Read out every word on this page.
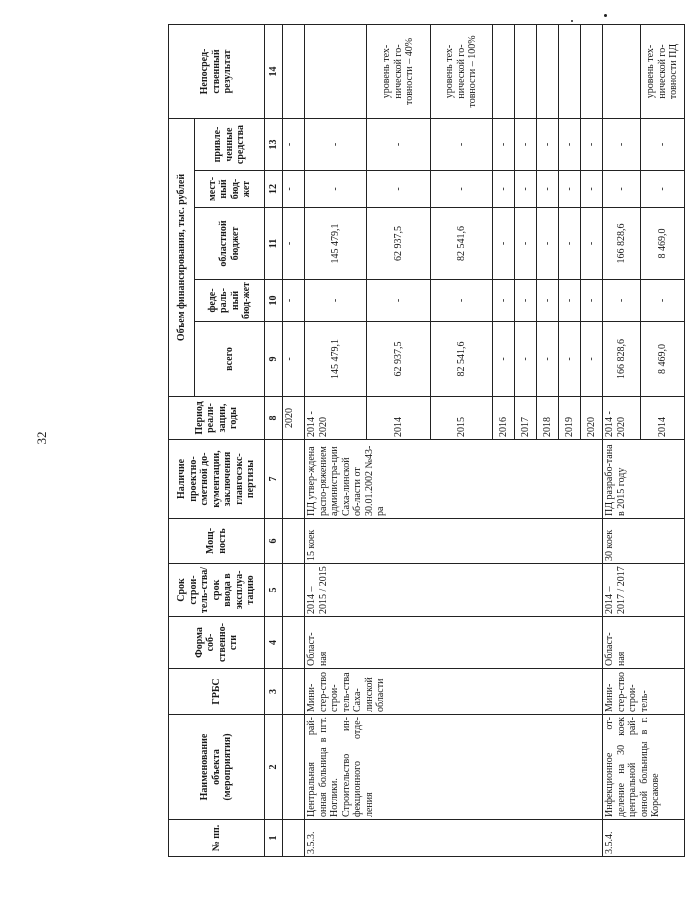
32
№ пп.	Наименование объекта (мероприятия)	ГРБС	Форма соб-ственно-сти	Срок строи-тель-ства/срок ввода в эксплуа-тацию	Мощ-ность	Наличие проектно-сметной до-кументации, заключения главгосэкс-пертизы	Период реали-зации, годы	Объем финансирования, тыс. рублей					Непосред-ственный результат
								всего	феде-раль-ный бюд-жет	областной бюджет	мест-ный бюд-жет	привле-ченные средства	
1	2	3	4	5	6	7	8	9	10	11	12	13	14
							2020	-	-	-	-	-	
3.5.3.	Центральная рай-онная больница в пгт. Ноглики. Строительство ин-фекционного отде-ления	Мини-стер-ство строи-тель-ства Саха-линской области	Област-ная	2014 – 2015 / 2015	15 коек	ПД утвер-ждена распо-ряжением администра-ции Саха-линской об-ласти от 30.01.2002 №43-ра	2014 - 2020	145 479,1	-	145 479,1	-	-	
							2014	62 937,5	-	62 937,5	-	-	уровень тех-нической го-товности – 40%
							2015	82 541,6	-	82 541,6	-	-	уровень тех-нической го-товности – 100%
							2016	-	-	-	-	-	
							2017	-	-	-	-	-	
							2018	-	-	-	-	-	
							2019	-	-	-	-	-	
							2020	-	-	-	-	-	
3.5.4.	Инфекционное от-деление на 30 коек центральной рай-онной больницы в г. Корсакове	Мини-стер-ство строи-тель-	Област-ная	2014 – 2017 / 2017	30 коек	ПД разрабо-тана в 2015 году	2014 - 2020	166 828,6	-	166 828,6	-	-	
							2014	8 469,0	-	8 469,0	-	-	уровень тех-нической го-товности ПД
